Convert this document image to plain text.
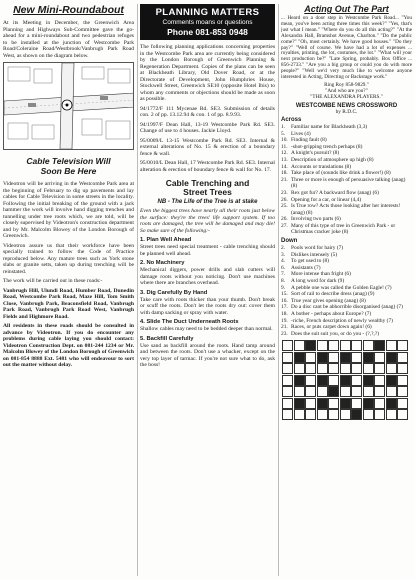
New Mini-Roundabout

At its Meeting in December, the Greenwich Area Planning and Highways Sub-Committee gave the go-ahead for a mini-roundabout and two pedestrian refuges to be installed at the junction of Westcombe Park Road/Coleraine Road/Westbrook/Vanbrugh Park Road West, as shown on the diagram below.

Cable Television Will
Soon Be Here

Videotron will be arriving in the Westcombe Park area at the beginning of February to dig up pavements and lay cables for Cable Television in some streets in the locality. Following the initial breaking of the ground with a jack hammer the work will involve hand digging trenches and tunnelling under tree roots which, we are told, will be closely supervised by Videotron's construction department and by Mr. Malcolm Blowey of the London Borough of Greenwich.

Videotron assure us that their workforce have been specially trained to follow the Code of Practice reproduced below. Any mature trees such as York stone slabs or granite setts, taken up during trenching will be reinstated.

The work will be carried out in these roads:-

Vanbrugh Hill, Ulundi Road, Humber Road, Dunedin Road, Westcombe Park Road, Maze Hill, Tom Smith Close, Vanbrugh Park, Beaconsfield Road, Vanbrugh Park Road, Vanbrugh Park Road West, Vanbrugh Fields and Highmore Road.

All residents in these roads should be consulted in advance by Videotron. If you do encounter any problems during cable laying you should contact: Videotron Construction Dept. on 081-244 1234 or Mr. Malcolm Blowey of the London Borough of Greenwich on 081-854 8888 Ext. 5481 who will endeavour to sort out the matter without delay.

PLANNING MATTERS
Comments moans or questions
Phone 081-853 0948

The following planning applications concerning properties in the Westcombe Park area are currently being considered by the London Borough of Greenwich Planning & Regeneration Department. Copies of the plans can be seen at Blackheath Library, Old Dover Road, or at the Directorate of Development, John Humphries House, Stockwell Street, Greenwich SE10 (opposite Hotel Ibis) to whom any comments or objections should be made as soon as possible.

94/1772/F 111 Mycenae Rd. SE3. Submission of details con. 2 of pp. 13.12.94 & con. 1 of pp. 8.9.93.

94/1997/F Dean Hall, 13-19 Westcombe Park Rd. SE3. Change of use to 4 houses. Jackie Lloyd.

95/0009/L 13-15 Westcombe Park Rd. SE3. Internal & external alterations of No. 15 & erection of a boundary fence & wall.

95/0010/L Dean Hall, 17 Westcombe Park Rd. SE3. Internal alteration & erection of boundary fence & wall for No. 17.

Cable Trenching and
Street Trees
NB - The Life of the Tree is at stake

Even the biggest trees have nearly all their roots just below the surface: they're the trees' life support system. If too roots are damaged, the tree will be damaged and may die! So make sure of the following:-

1. Plan Well Ahead

Street trees need special treatment - cable trenching should be planned well ahead.

2. No Machinery

Mechanical diggers, power drills and slab cutters will damage roots without you noticing. Don't use machines where there are branches overhead.

3. Dig Carefully By Hand

Take care with roots thicker than your thumb. Don't break or scuff the roots. Don't let the roots dry out: cover them with damp sacking or spray with water.

4. Slide The Duct Underneath Roots

Shallow cables may need to be bedded deeper than normal.

5. Backfill Carefully

Use sand as backfill around the roots. Hand tamp around and between the roots. Don't use a whacker, except on the very top layer of tarmac. If you're not sure what to do, ask the boss!

Acting Out The Part

... Heard on a door step in Westcombe Park Road... "You mean, you've been acting three times this week?" "Yes, that's just what I mean." "Where do you do all this acting?" "At the Alexandra Hall, Bramshot Avenue, Charlton." "Do the public come?" "Oh, most certainly. We have good houses." "Do they pay?" "Well of course. We have had a lot of expenses ... royalties, printing, the lot, costumes, the lot." "What will your next production be?" "Late Spring, probably. Box Office ... 856-2733." "Are you a big group or could you do with more people?" "Well we'd very much like to welcome anyone interested in Acting, Directing or Backstage work."

Ring Roy 858-9829."
"And who are you?"
"THE ALEXANDRA PLAYERS."
WESTCOMBE NEWS CROSSWORD
by R.D.C.
Across
1.	Familiar name for Blackheath (3,3)
5.	Lives (4)
10. Finding fault (8)
11. -shot-gripping trench perhaps (8)
12. A knight's pursuit? (8)
13. Description of atmosphere up high (8)
14. Accounts or translations (8)
18. Take place of (sounds like drink a flower!) (8)
21. Three or more is enough of persuasive talking (anag) (8)
23. Rex got fur? A backward flow (anag) (6)
26. Opening for a car, or linear (4,4)
25. Is True row? Acts those looking after her interests! (anag) (8)
26. Involving two parts (6)
27. Many of this type of tree in Greenwich Park - or Christmas cracker joke (8)
Down
2.	Pools word for hairy (7)
3.	Dislikes intensely (5)
4.	To get used to (8)
6.	Assistants (7)
7.	More intense than fright (6)
8.	A long word for dark (9)
9.	A pebble one was called the Golden Eagle! (7)
15. Sort of rail to describe dress (anag) (9)
16. True year gives opening (anag) (8)
17. Do a disc cant be abhorrible disorganised (anag) (7)
18. A bother - perhaps about Europe? (7)
19. -riche, French description of newly wealthy (7)
21. Races, or puts carpet down again! (6)
23. Does the suit suit you, or do you - (?,?,?)
